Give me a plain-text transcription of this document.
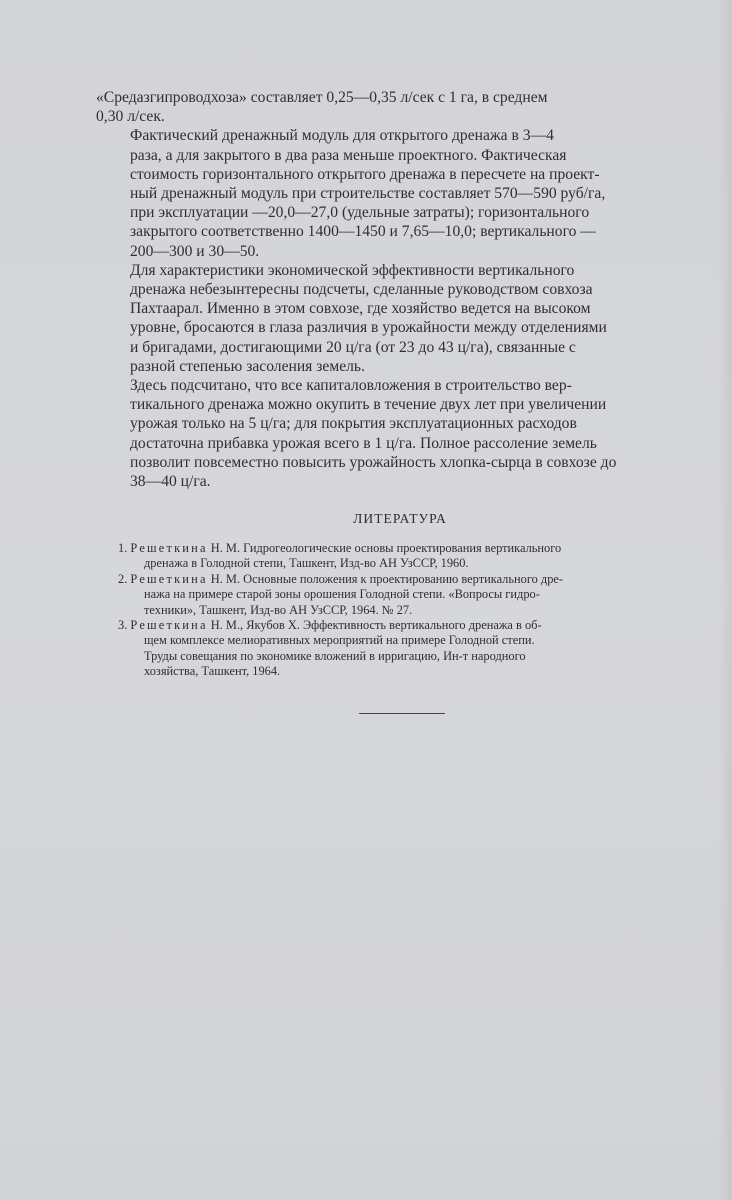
«Средазгипроводхоза» составляет 0,25—0,35 л/сек с 1 га, в среднем
0,30 л/сек.

Фактический дренажный модуль для открытого дренажа в 3—4
раза, а для закрытого в два раза меньше проектного. Фактическая
стоимость горизонтального открытого дренажа в пересчете на проект-
ный дренажный модуль при строительстве составляет 570—590 руб/га,
при эксплуатации —20,0—27,0 (удельные затраты); горизонтального
закрытого соответственно 1400—1450 и 7,65—10,0; вертикального —
200—300 и 30—50.

Для характеристики экономической эффективности вертикального
дренажа небезынтересны подсчеты, сделанные руководством совхоза
Пахтаарал. Именно в этом совхозе, где хозяйство ведется на высоком
уровне, бросаются в глаза различия в урожайности между отделениями
и бригадами, достигающими 20 ц/га (от 23 до 43 ц/га), связанные с
разной степенью засоления земель.

Здесь подсчитано, что все капиталовложения в строительство вер-
тикального дренажа можно окупить в течение двух лет при увеличении
урожая только на 5 ц/га; для покрытия эксплуатационных расходов
достаточна прибавка урожая всего в 1 ц/га. Полное рассоление земель
позволит повсеместно повысить урожайность хлопка-сырца в совхозе до
38—40 ц/га.

ЛИТЕРАТУРА
1. Решеткина Н. М. Гидрогеологические основы проектирования вертикального
дренажа в Голодной степи, Ташкент, Изд-во АН УзССР, 1960.
2. Решеткина Н. М. Основные положения к проектированию вертикального дре-
нажа на примере старой зоны орошения Голодной степи. «Вопросы гидро-
техники», Ташкент, Изд-во АН УзССР, 1964. № 27.
3. Решеткина Н. М., Якубов Х. Эффективность вертикального дренажа в об-
щем комплексе мелиоративных мероприятий на примере Голодной степи.
Труды совещания по экономике вложений в ирригацию, Ин-т народного
хозяйства, Ташкент, 1964.
